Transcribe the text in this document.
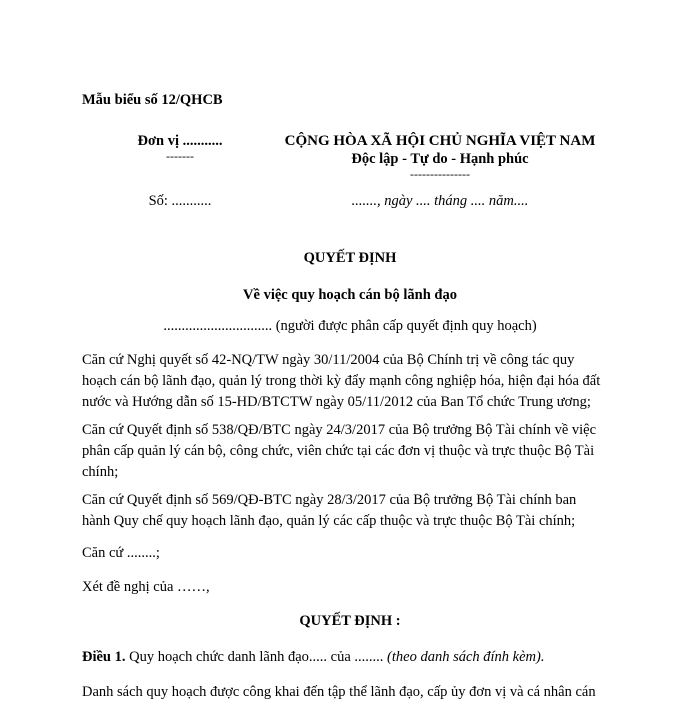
Mẫu biểu số 12/QHCB
Đơn vị ...........
-------
CỘNG HÒA XÃ HỘI CHỦ NGHĨA VIỆT NAM
Độc lập - Tự do - Hạnh phúc
---------------
Số: ...........	......., ngày .... tháng .... năm....
QUYẾT ĐỊNH
Về việc quy hoạch cán bộ lãnh đạo
.............................. (người được phân cấp quyết định quy hoạch)
Căn cứ Nghị quyết số 42-NQ/TW ngày 30/11/2004 của Bộ Chính trị về công tác quy
hoạch cán bộ lãnh đạo, quản lý trong thời kỳ đẩy mạnh công nghiệp hóa, hiện đại hóa đất
nước và Hướng dẫn số 15-HD/BTCTW ngày 05/11/2012 của Ban Tổ chức Trung ương;
Căn cứ Quyết định số 538/QĐ/BTC ngày 24/3/2017 của Bộ trưởng Bộ Tài chính về việc
phân cấp quản lý cán bộ, công chức, viên chức tại các đơn vị thuộc và trực thuộc Bộ Tài
chính;
Căn cứ Quyết định số 569/QĐ-BTC ngày 28/3/2017 của Bộ trưởng Bộ Tài chính ban
hành Quy chế quy hoạch lãnh đạo, quản lý các cấp thuộc và trực thuộc Bộ Tài chính;
Căn cứ ........;
Xét đề nghị của ……,
QUYẾT ĐỊNH :
Điều 1. Quy hoạch chức danh lãnh đạo..... của ........ (theo danh sách đính kèm).
Danh sách quy hoạch được công khai đến tập thể lãnh đạo, cấp ủy đơn vị và cá nhân cán
